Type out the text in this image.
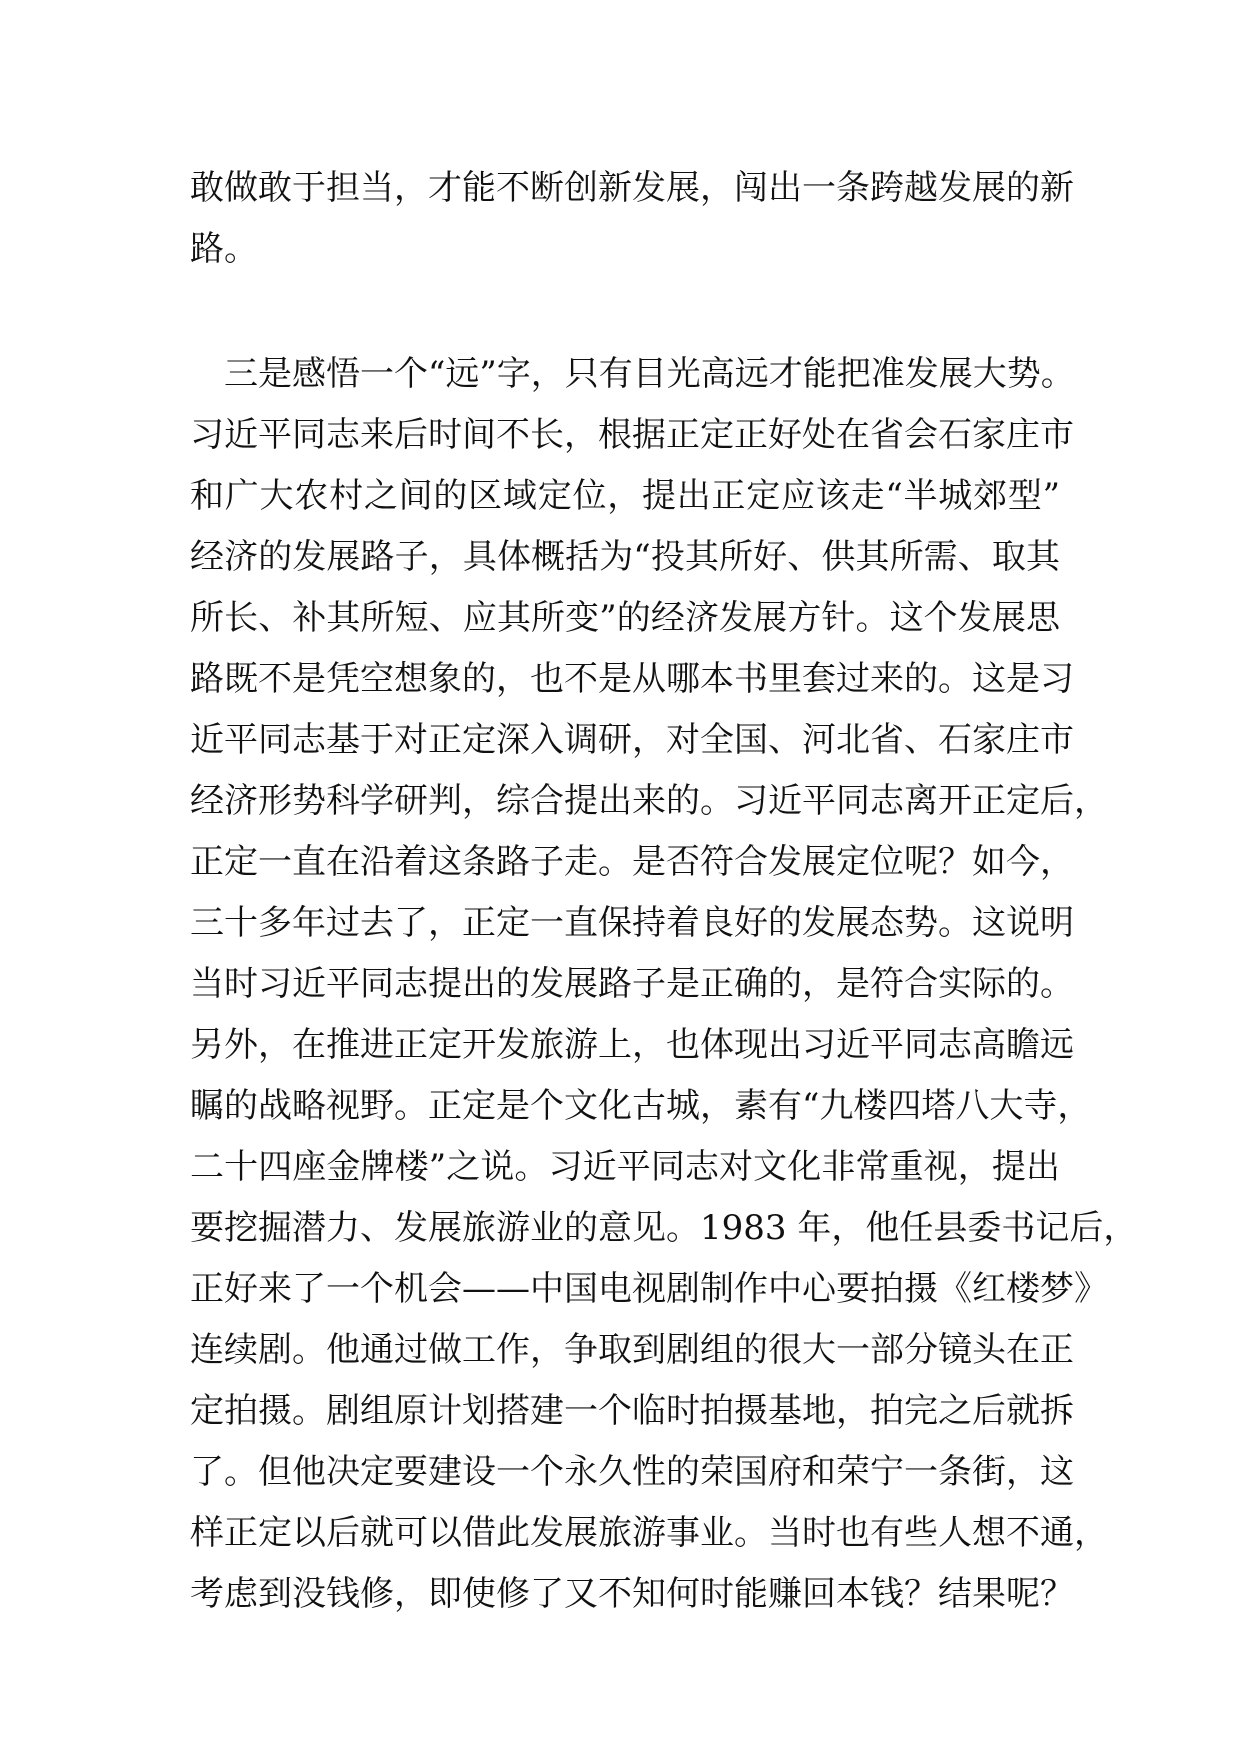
敢做敢于担当，才能不断创新发展，闯出一条跨越发展的新
路。
三是感悟一个“远”字，只有目光高远才能把准发展大势。
习近平同志来后时间不长，根据正定正好处在省会石家庄市
和广大农村之间的区域定位，提出正定应该走“半城郊型”
经济的发展路子，具体概括为“投其所好、供其所需、取其
所长、补其所短、应其所变”的经济发展方针。这个发展思
路既不是凭空想象的，也不是从哪本书里套过来的。这是习
近平同志基于对正定深入调研，对全国、河北省、石家庄市
经济形势科学研判，综合提出来的。习近平同志离开正定后，
正定一直在沿着这条路子走。是否符合发展定位呢？如今，
三十多年过去了，正定一直保持着良好的发展态势。这说明
当时习近平同志提出的发展路子是正确的，是符合实际的。
另外，在推进正定开发旅游上，也体现出习近平同志高瞻远
瞩的战略视野。正定是个文化古城，素有“九楼四塔八大寺，
二十四座金牌楼”之说。习近平同志对文化非常重视，提出
要挖掘潜力、发展旅游业的意见。1983 年，他任县委书记后，
正好来了一个机会——中国电视剧制作中心要拍摄《红楼梦》
连续剧。他通过做工作，争取到剧组的很大一部分镜头在正
定拍摄。剧组原计划搭建一个临时拍摄基地，拍完之后就拆
了。但他决定要建设一个永久性的荣国府和荣宁一条街，这
样正定以后就可以借此发展旅游事业。当时也有些人想不通，
考虑到没钱修，即使修了又不知何时能赚回本钱？结果呢？
